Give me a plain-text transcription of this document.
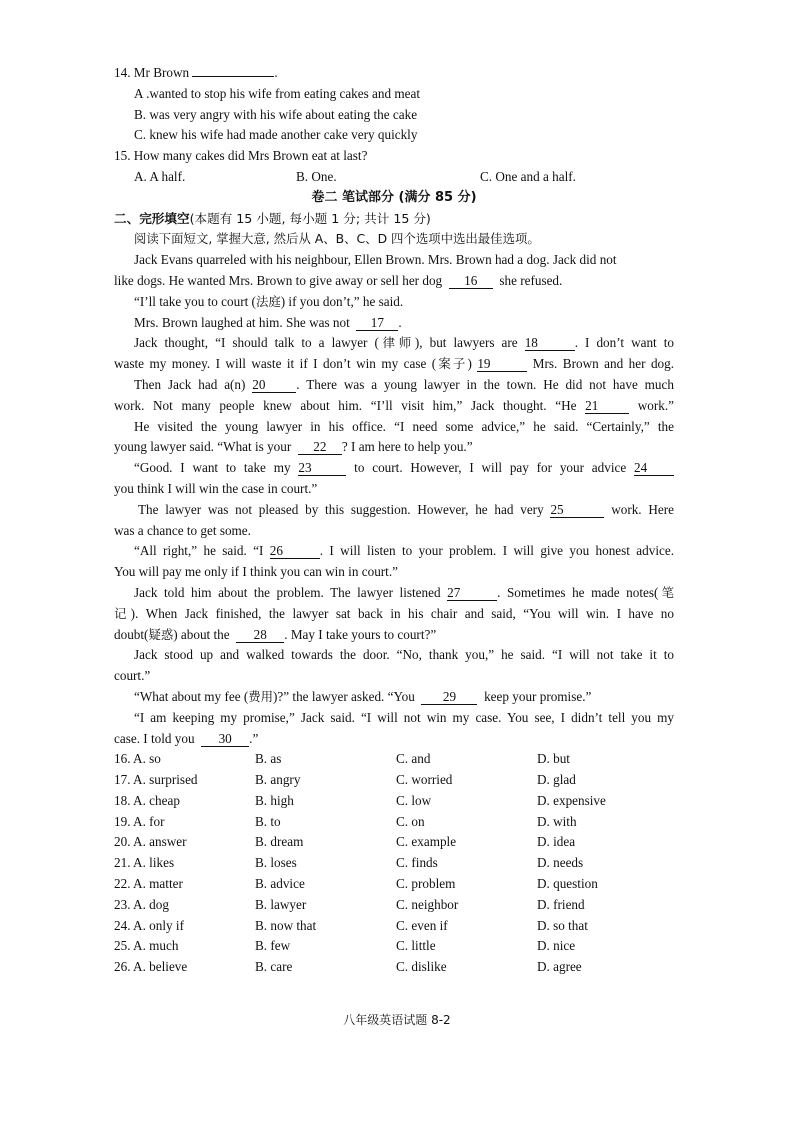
14. Mr Brown	.
A .wanted to stop his wife from eating cakes and meat
B. was very angry with his wife about eating the cake
C. knew his wife had made another cake very quickly
15. How many cakes did Mrs Brown eat at last?
A. A half.	B. One.	C. One and a half.
卷二 笔试部分 (满分 85 分)
二、完形填空(本题有 15 小题, 每小题 1 分; 共计 15 分)
阅读下面短文, 掌握大意, 然后从 A、B、C、D 四个选项中选出最佳选项。
Jack Evans quarreled with his neighbour, Ellen Brown. Mrs. Brown had a dog. Jack did not
like dogs. He wanted Mrs. Brown to give away or sell her dog 16 she refused.
“I’ll take you to court (法庭) if you don’t,” he said.
Mrs. Brown laughed at him. She was not 17 .
Jack thought, “I should talk to a lawyer (律师), but lawyers are 18	. I don’t want to
waste my money. I will waste it if I don’t win my case (案子) 19	Mrs. Brown and her dog.
Then Jack had a(n) 20 . There was a young lawyer in the town. He did not have much
work. Not many people knew about him. “I’ll visit him,” Jack thought. “He 21	work.”
He visited the young lawyer in his office. “I need some advice,” he said. “Certainly,” the
young lawyer said. “What is your 22 ? I am here to help you.”
“Good. I want to take my 23	to court. However, I will pay for your advice 24
you think I will win the case in court.”
The lawyer was not pleased by this suggestion. However, he had very 25	work. Here
was a chance to get some.
“All right,” he said. “I 26	. I will listen to your problem. I will give you honest advice.
You will pay me only if I think you can win in court.”
Jack told him about the problem. The lawyer listened 27	. Sometimes he made notes(笔
记). When Jack finished, the lawyer sat back in his chair and said, “You will win. I have no
doubt(疑惑) about the 28 . May I take yours to court?”
Jack stood up and walked towards the door. “No, thank you,” he said. “I will not take it to
court.”
“What about my fee (费用)?” the lawyer asked. “You 29 keep your promise.”
“I am keeping my promise,” Jack said. “I will not win my case. You see, I didn’t tell you my
case. I told you 30 .”
16. A. so	B. as	C. and	D. but
17. A. surprised	B. angry	C. worried	D. glad
18. A. cheap	B. high	C. low	D. expensive
19. A. for	B. to	C. on	D. with
20. A. answer	B. dream	C. example	D. idea
21. A. likes	B. loses	C. finds	D. needs
22. A. matter	B. advice	C. problem	D. question
23. A. dog	B. lawyer	C. neighbor	D. friend
24. A. only if	B. now that	C. even if	D. so that
25. A. much	B. few	C. little	D. nice
26. A. believe	B. care	C. dislike	D. agree
八年级英语试题 8-2
